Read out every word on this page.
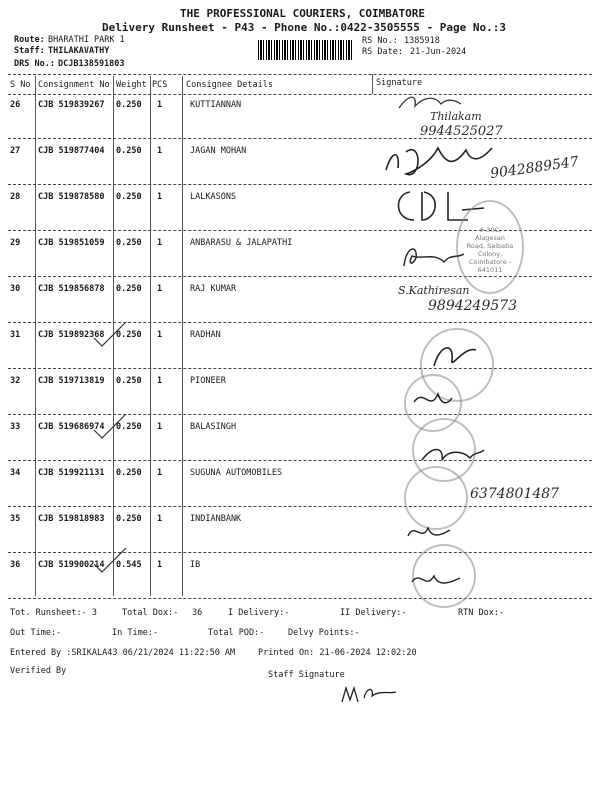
THE PROFESSIONAL COURIERS, COIMBATORE
Delivery Runsheet - P43 - Phone No.:0422-3505555 - Page No.:3
Route: BHARATHI PARK 1
Staff: THILAKAVATHY
DRS No.: DCJB138591803
RS No.: 1385918
RS Date: 21-Jun-2024
S No Consignment No Weight PCS Consignee Details	Signature
26 CJB 519839267 0.250 1	KUTTIANNAN
27 CJB 519877404 0.250 1	JAGAN MOHAN
28 CJB 519878580 0.250 1	LALKASONS
29 CJB 519851059 0.250 1	ANBARASU & JALAPATHI
30 CJB 519856878 0.250 1	RAJ KUMAR
31 CJB 519892368 0.250 1	RADHAN
32 CJB 519713819 0.250 1	PIONEER
33 CJB 519686974 0.250 1	BALASINGH
34 CJB 519921131 0.250 1	SUGUNA AUTOMOBILES
35 CJB 519818983 0.250 1	INDIANBANK
36 CJB 519900214 0.545 1	IB
Thilakam
9944525027
9042889547
# 30C, Alagesan Road, Saibaba Colony, Coimbatore - 641011
S.Kathiresan
9894249573
6374801487
Tot. Runsheet:- 3	Total Dox:- 36	I Delivery:-	II Delivery:-	RTN Dox:-
Out Time:-	In Time:-	Total POD:-	Delvy Points:-
Entered By :SRIKALA43 06/21/2024 11:22:50 AM	Printed On: 21-06-2024 12:02:20
Verified By	Staff Signature
